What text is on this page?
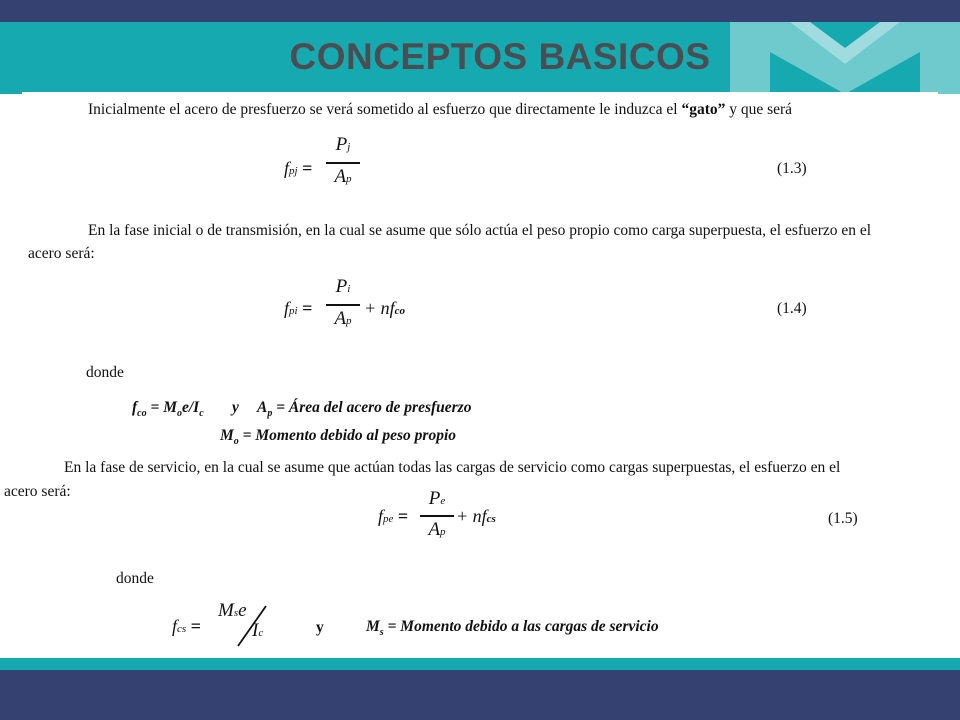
CONCEPTOS BASICOS
Inicialmente el acero de presfuerzo se verá sometido al esfuerzo que directamente le induzca el “gato” y que será
fpj =
Pj
Ap
(1.3)
En la fase inicial o de transmisión, en la cual se asume que sólo actúa el peso propio como carga superpuesta, el esfuerzo en el
acero será:
fpi =
Pi
Ap
+ nfco	(1.4)
donde
$f_{co} = M_oe/I_c$ y $A_p$ = Área del acero de presfuerzo
$M_o$ = Momento debido al peso propio
En la fase de servicio, en la cual se asume que actúan todas las cargas de servicio como cargas superpuestas, el esfuerzo en el
acero será:
fpe =
Pe
Ap
+ nfcs	(1.5)
donde
fcs =
Mse
Ic	y	$M_s$ = Momento debido a las cargas de servicio
